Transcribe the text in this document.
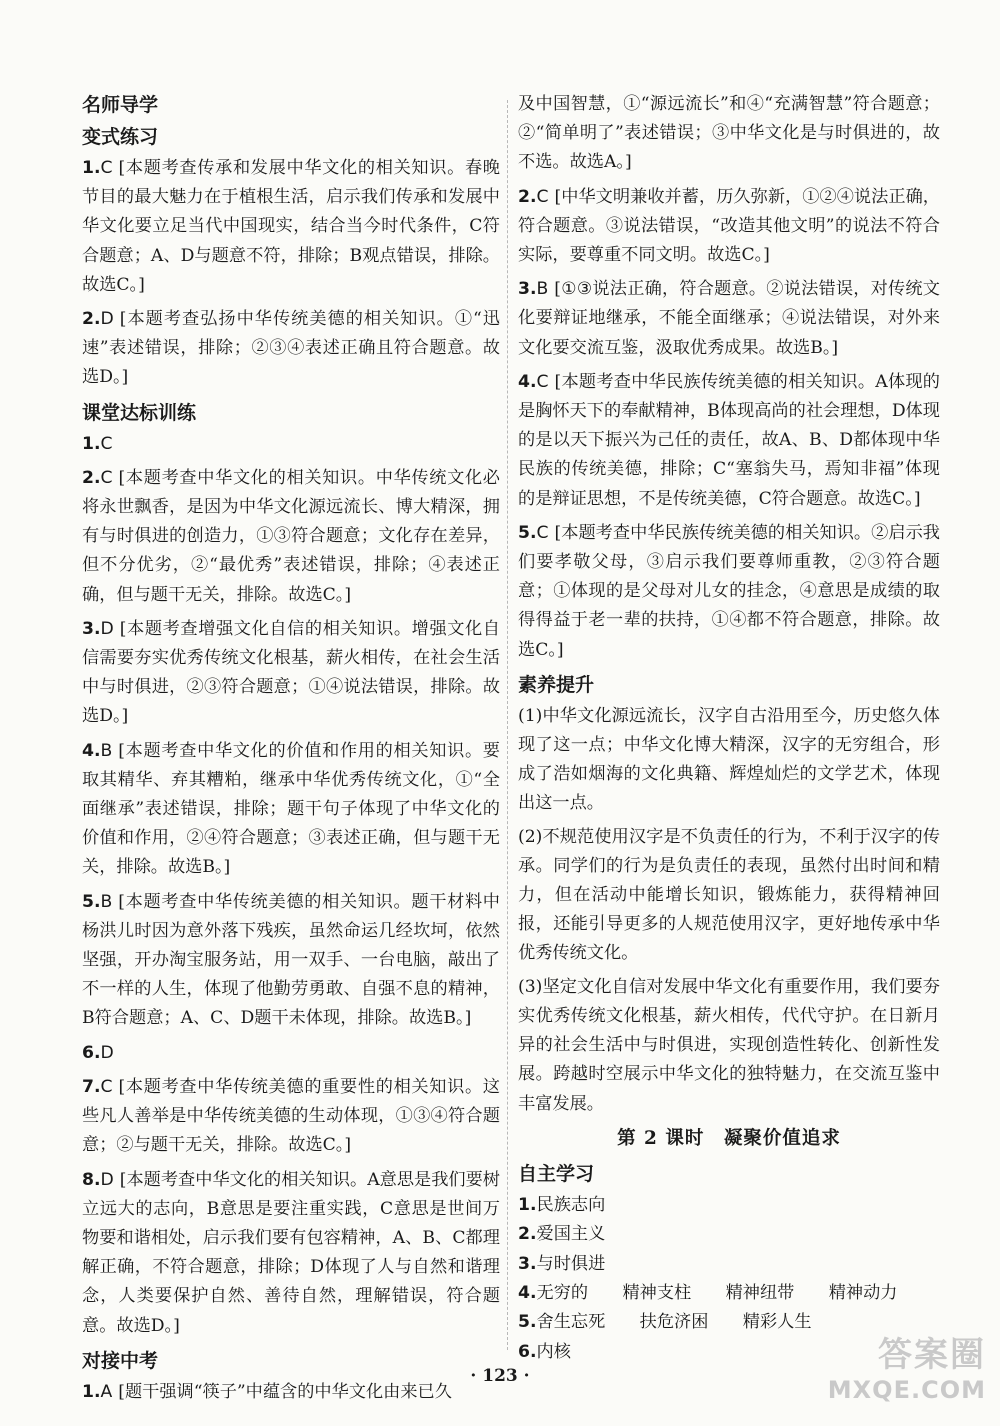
名师导学
变式练习
1.C [本题考查传承和发展中华文化的相关知识。春晚节目的最大魅力在于植根生活，启示我们传承和发展中华文化要立足当代中国现实，结合当今时代条件，C符合题意；A、D与题意不符，排除；B观点错误，排除。故选C。]
2.D [本题考查弘扬中华传统美德的相关知识。①“迅速”表述错误，排除；②③④表述正确且符合题意。故选D。]
课堂达标训练
1.C
2.C [本题考查中华文化的相关知识。中华传统文化必将永世飘香，是因为中华文化源远流长、博大精深，拥有与时俱进的创造力，①③符合题意；文化存在差异，但不分优劣，②“最优秀”表述错误，排除；④表述正确，但与题干无关，排除。故选C。]
3.D [本题考查增强文化自信的相关知识。增强文化自信需要夯实优秀传统文化根基，薪火相传，在社会生活中与时俱进，②③符合题意；①④说法错误，排除。故选D。]
4.B [本题考查中华文化的价值和作用的相关知识。要取其精华、弃其糟粕，继承中华优秀传统文化，①“全面继承”表述错误，排除；题干句子体现了中华文化的价值和作用，②④符合题意；③表述正确，但与题干无关，排除。故选B。]
5.B [本题考查中华传统美德的相关知识。题干材料中杨洪儿时因为意外落下残疾，虽然命运几经坎坷，依然坚强，开办淘宝服务站，用一双手、一台电脑，敲出了不一样的人生，体现了他勤劳勇敢、自强不息的精神，B符合题意；A、C、D题干未体现，排除。故选B。]
6.D
7.C [本题考查中华传统美德的重要性的相关知识。这些凡人善举是中华传统美德的生动体现，①③④符合题意；②与题干无关，排除。故选C。]
8.D [本题考查中华文化的相关知识。A意思是我们要树立远大的志向，B意思是要注重实践，C意思是世间万物要和谐相处，启示我们要有包容精神，A、B、C都理解正确，不符合题意，排除；D体现了人与自然和谐理念，人类要保护自然、善待自然，理解错误，符合题意。故选D。]
对接中考
1.A [题干强调“筷子”中蕴含的中华文化由来已久
及中国智慧，①“源远流长”和④“充满智慧”符合题意；②“简单明了”表述错误；③中华文化是与时俱进的，故不选。故选A。]
2.C [中华文明兼收并蓄，历久弥新，①②④说法正确，符合题意。③说法错误，“改造其他文明”的说法不符合实际，要尊重不同文明。故选C。]
3.B [①③说法正确，符合题意。②说法错误，对传统文化要辩证地继承，不能全面继承；④说法错误，对外来文化要交流互鉴，汲取优秀成果。故选B。]
4.C [本题考查中华民族传统美德的相关知识。A体现的是胸怀天下的奉献精神，B体现高尚的社会理想，D体现的是以天下振兴为己任的责任，故A、B、D都体现中华民族的传统美德，排除；C“塞翁失马，焉知非福”体现的是辩证思想，不是传统美德，C符合题意。故选C。]
5.C [本题考查中华民族传统美德的相关知识。②启示我们要孝敬父母，③启示我们要尊师重教，②③符合题意；①体现的是父母对儿女的挂念，④意思是成绩的取得得益于老一辈的扶持，①④都不符合题意，排除。故选C。]
素养提升
(1)中华文化源远流长，汉字自古沿用至今，历史悠久体现了这一点；中华文化博大精深，汉字的无穷组合，形成了浩如烟海的文化典籍、辉煌灿烂的文学艺术，体现出这一点。
(2)不规范使用汉字是不负责任的行为，不利于汉字的传承。同学们的行为是负责任的表现，虽然付出时间和精力，但在活动中能增长知识，锻炼能力，获得精神回报，还能引导更多的人规范使用汉字，更好地传承中华优秀传统文化。
(3)坚定文化自信对发展中华文化有重要作用，我们要夯实优秀传统文化根基，薪火相传，代代守护。在日新月异的社会生活中与时俱进，实现创造性转化、创新性发展。跨越时空展示中华文化的独特魅力，在交流互鉴中丰富发展。
第 2 课时　凝聚价值追求
自主学习
1.民族志向
2.爱国主义
3.与时俱进
4.无穷的　　精神支柱　　精神纽带　　精神动力
5.舍生忘死　　扶危济困　　精彩人生
6.内核
· 123 ·
答案圈
MXQE.COM
